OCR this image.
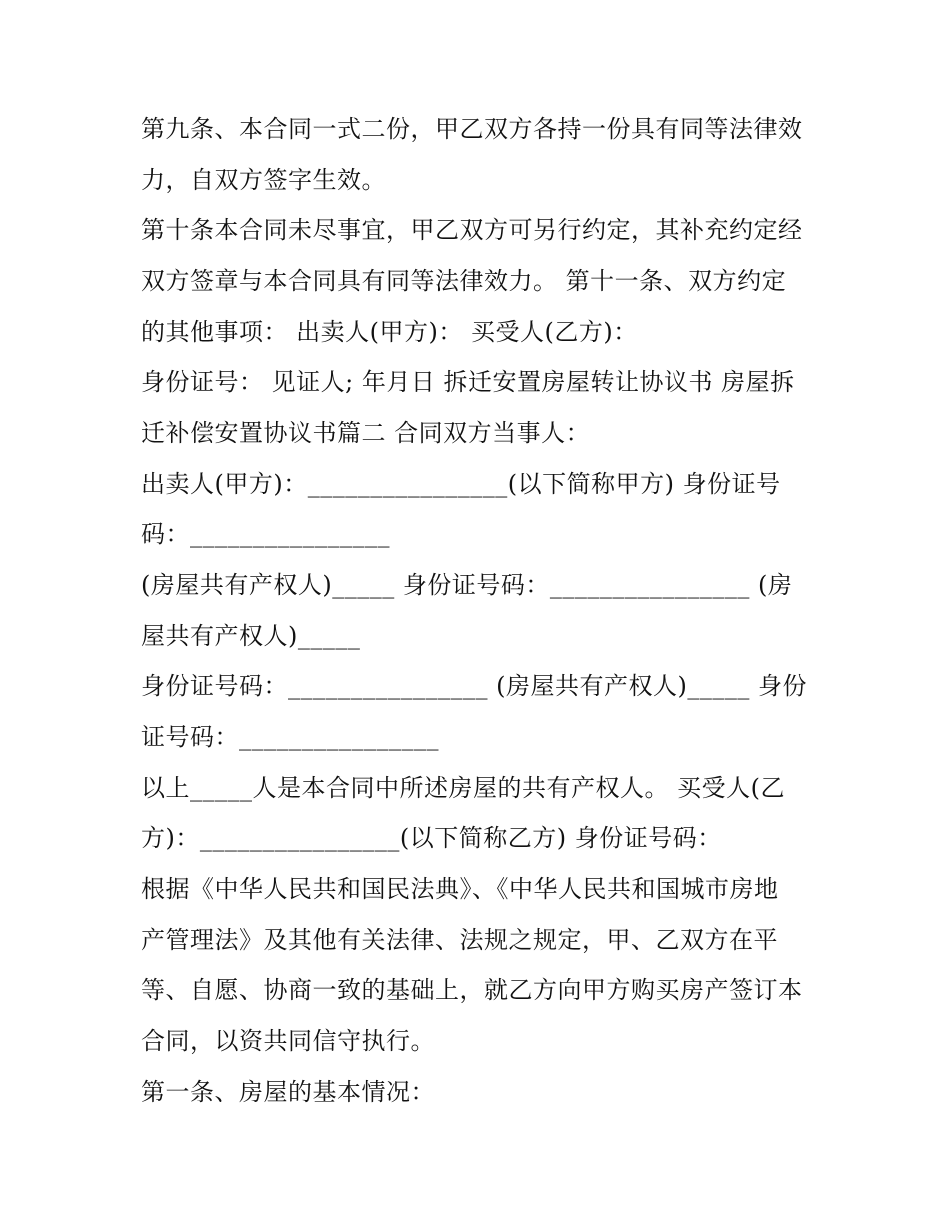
第九条、本合同一式二份，甲乙双方各持一份具有同等法律效

力，自双方签字生效。

第十条本合同未尽事宜，甲乙双方可另行约定，其补充约定经

双方签章与本合同具有同等法律效力。 第十一条、双方约定

的其他事项： 出卖人(甲方)： 买受人(乙方)：

身份证号： 见证人; 年月日 拆迁安置房屋转让协议书 房屋拆

迁补偿安置协议书篇二 合同双方当事人：

出卖人(甲方)：________________(以下简称甲方) 身份证号

码：________________

(房屋共有产权人)_____ 身份证号码：________________ (房

屋共有产权人)_____

身份证号码：________________ (房屋共有产权人)_____ 身份

证号码：________________

以上_____人是本合同中所述房屋的共有产权人。 买受人(乙

方)：________________(以下简称乙方) 身份证号码：

根据《中华人民共和国民法典》、《中华人民共和国城市房地

产管理法》及其他有关法律、法规之规定，甲、乙双方在平

等、自愿、协商一致的基础上，就乙方向甲方购买房产签订本

合同，以资共同信守执行。

第一条、房屋的基本情况：
